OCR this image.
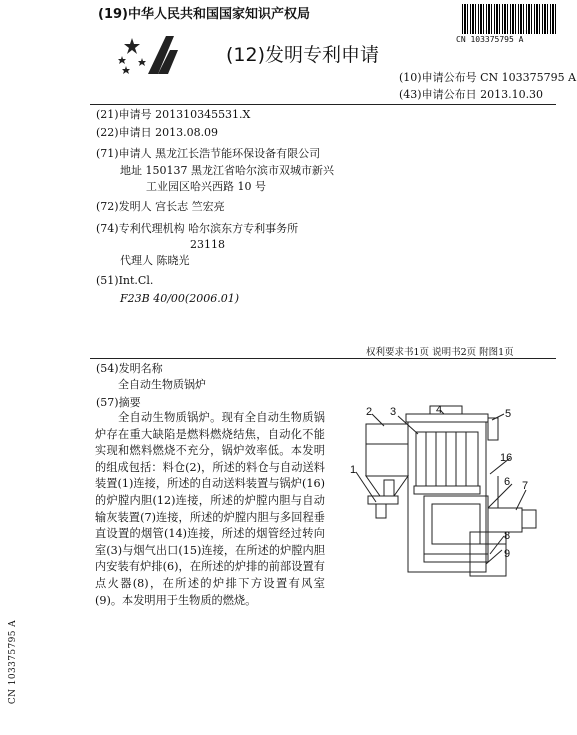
(19)中华人民共和国国家知识产权局
(12)发明专利申请
CN 103375795 A
(10)申请公布号 CN 103375795 A
(43)申请公布日 2013.10.30
(21)申请号 201310345531.X
(22)申请日 2013.08.09
(71)申请人 黑龙江长浩节能环保设备有限公司
地址 150137 黑龙江省哈尔滨市双城市新兴
工业园区哈兴西路 10 号
(72)发明人 宫长志 竺宏亮
(74)专利代理机构 哈尔滨东方专利事务所
23118
代理人 陈晓光
(51)Int.Cl.
F23B 40/00(2006.01)
权利要求书1页 说明书2页 附图1页
(54)发明名称
全自动生物质锅炉
(57)摘要
全自动生物质锅炉。现有全自动生物质锅炉存在重大缺陷是燃料燃烧结焦，自动化不能实现和燃料燃烧不充分，锅炉效率低。本发明的组成包括：料仓(2)，所述的料仓与自动送料装置(1)连接，所述的自动送料装置与锅炉(16)的炉膛内胆(12)连接，所述的炉膛内胆与自动输灰装置(7)连接，所述的炉膛内胆与多回程垂直设置的烟管(14)连接，所述的烟管经过转向室(3)与烟气出口(15)连接，在所述的炉膛内胆内安装有炉排(6)，在所述的炉排的前部设置有点火器(8)，在所述的炉排下方设置有风室(9)。本发明用于生物质的燃烧。
CN 103375795 A
1
2 3	4	5
16
6 7
8
9
